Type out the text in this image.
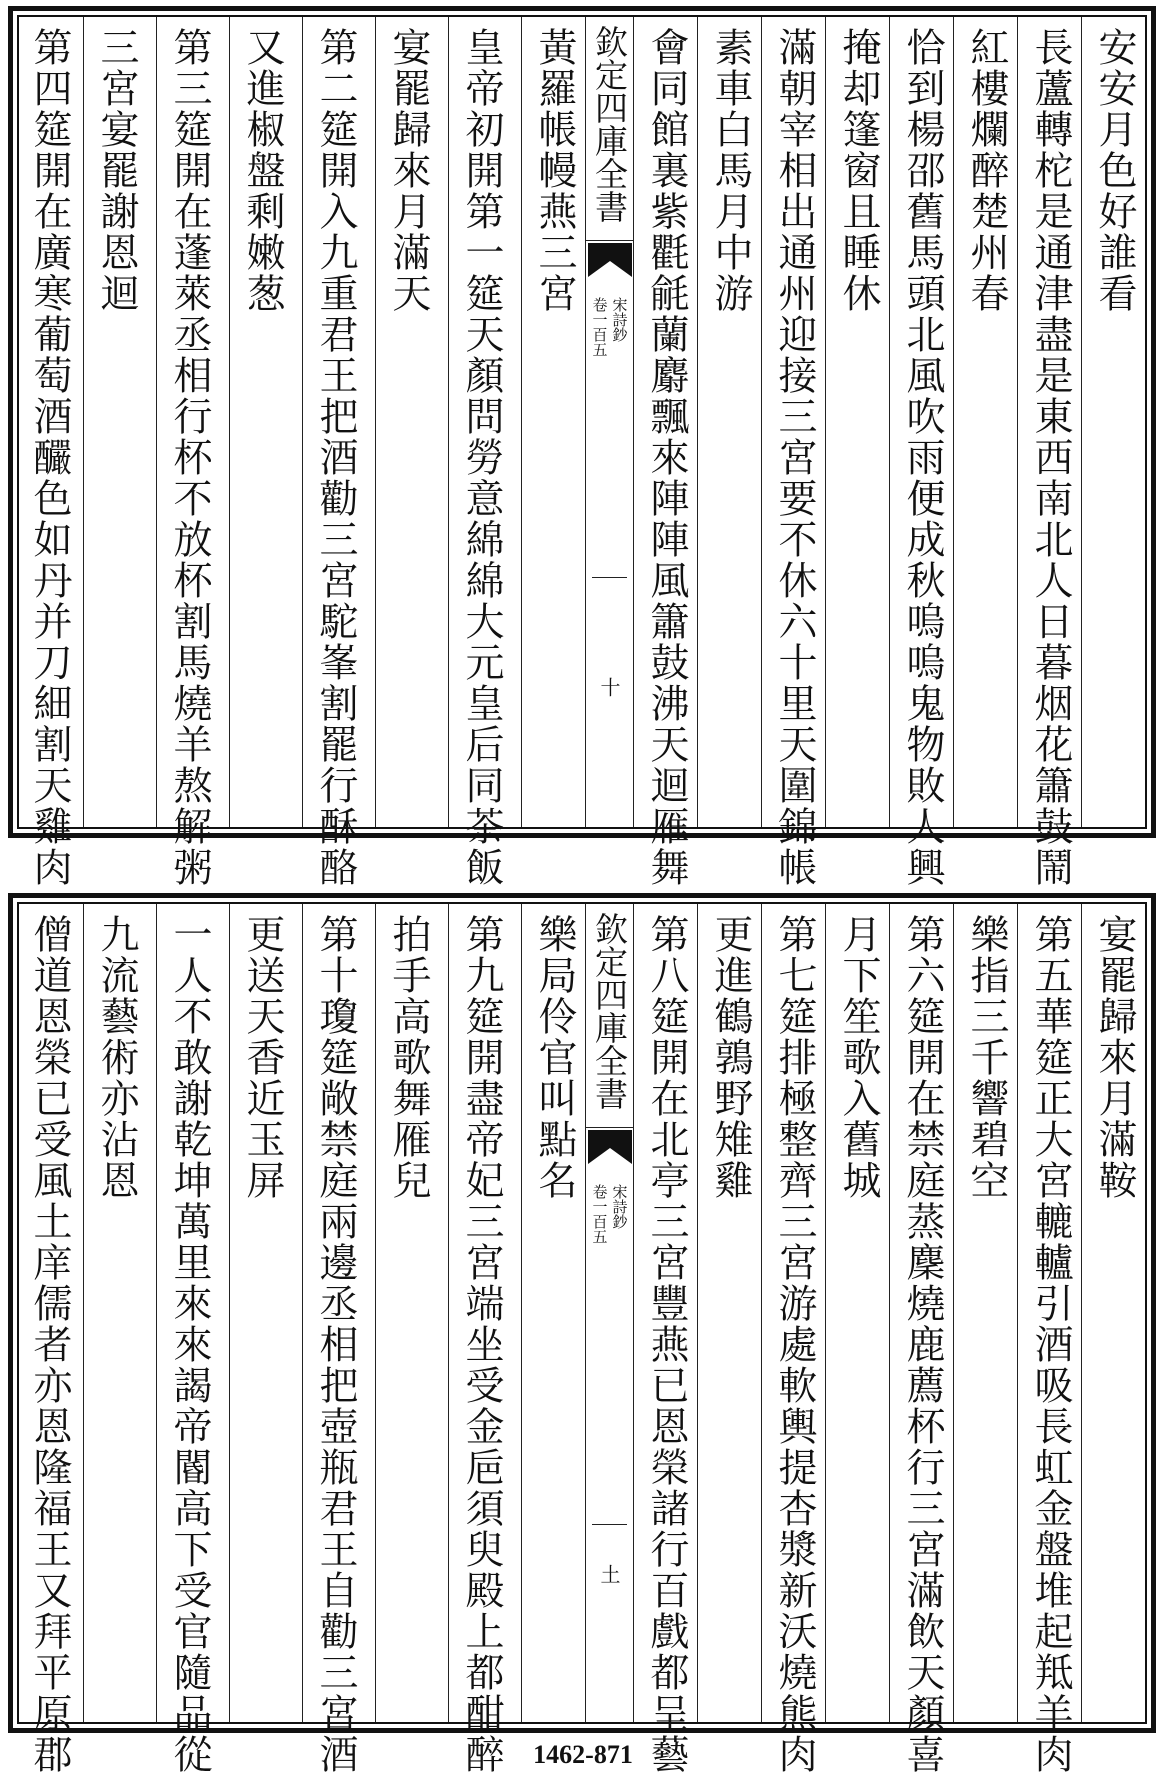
安安月色好誰看
長蘆轉柁是通津盡是東西南北人日暮烟花簫鼓鬧
紅樓爛醉楚州春
恰到楊邵舊馬頭北風吹雨便成秋嗚嗚鬼物敗人興
掩却篷窗且睡休
滿朝宰相出通州迎接三宮要不休六十里天圍錦帳
素車白馬月中游
會同館裏紫氍毹蘭麝飄來陣陣風簫鼓沸天迴雁舞
欽定四庫全書
宋詩鈔
卷一百五
十
黃羅帳幔燕三宮
皇帝初開第一筵天顏問勞意綿綿大元皇后同茶飯
宴罷歸來月滿天
第二筵開入九重君王把酒勸三宮駝峯割罷行酥酪
又進椒盤剩嫩葱
第三筵開在蓬萊丞相行杯不放杯割馬燒羊熬解粥
三宮宴罷謝恩迴
第四筵開在廣寒葡萄酒釅色如丹并刀細割天雞肉
宴罷歸來月滿鞍
第五華筵正大宮轆轤引酒吸長虹金盤堆起羝羊肉
樂指三千響碧空
第六筵開在禁庭蒸麇燒鹿薦杯行三宮滿飲天顏喜
月下笙歌入舊城
第七筵排極整齊三宮游處軟輿提杏漿新沃燒熊肉
更進鶴鶉野雉雞
第八筵開在北亭三宮豐燕已恩榮諸行百戲都呈藝
欽定四庫全書
宋詩鈔
卷一百五
土
樂局伶官叫點名
第九筵開盡帝妃三宮端坐受金巵須臾殿上都酣醉
拍手高歌舞雁兒
第十瓊筵敞禁庭兩邊丞相把壺瓶君王自勸三宮酒
更送天香近玉屏
一人不敢謝乾坤萬里來來謁帝閽高下受官隨品從
九流藝術亦沾恩
僧道恩榮已受風土庠儒者亦恩隆福王又拜平原郡	1462-871
